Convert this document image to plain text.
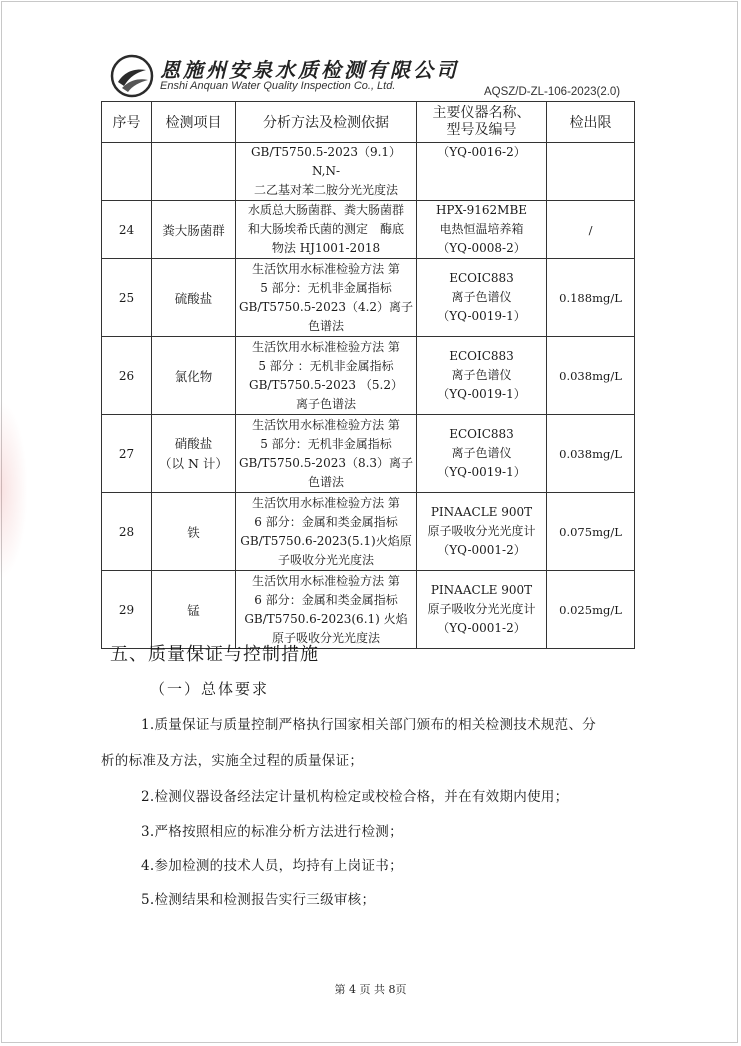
恩施州安泉水质检测有限公司
Enshi Anquan Water Quality Inspection Co., Ltd.	AQSZ/D-ZL-106-2023(2.0)
序号	检测项目	分析方法及检测依据	主要仪器名称、
型号及编号	检出限
		GB/T5750.5-2023（9.1）N,N-
二乙基对苯二胺分光光度法	（YQ-0016-2）	
24	粪大肠菌群	水质总大肠菌群、粪大肠菌群
和大肠埃希氏菌的测定　酶底
物法 HJ1001-2018	HPX-9162MBE
电热恒温培养箱
（YQ-0008-2）	/
25	硫酸盐	生活饮用水标准检验方法 第
5 部分：无机非金属指标
GB/T5750.5-2023（4.2）离子
色谱法	ECOIC883
离子色谱仪
（YQ-0019-1）	0.188mg/L
26	氯化物	生活饮用水标准检验方法 第
5 部分 ：无机非金属指标
GB/T5750.5-2023 （5.2）
离子色谱法	ECOIC883
离子色谱仪
（YQ-0019-1）	0.038mg/L
27	硝酸盐
（以 N 计）	生活饮用水标准检验方法 第
5 部分：无机非金属指标
GB/T5750.5-2023（8.3）离子
色谱法	ECOIC883
离子色谱仪
（YQ-0019-1）	0.038mg/L
28	铁	生活饮用水标准检验方法 第
6 部分：金属和类金属指标
GB/T5750.6-2023(5.1)火焰原
子吸收分光光度法	PINAACLE 900T
原子吸收分光光度计
（YQ-0001-2）	0.075mg/L
29	锰	生活饮用水标准检验方法 第
6 部分：金属和类金属指标
GB/T5750.6-2023(6.1) 火焰
原子吸收分光光度法	PINAACLE 900T
原子吸收分光光度计
（YQ-0001-2）	0.025mg/L
五、质量保证与控制措施
（一）总体要求
1.质量保证与质量控制严格执行国家相关部门颁布的相关检测技术规范、分
析的标准及方法，实施全过程的质量保证；
2.检测仪器设备经法定计量机构检定或校检合格，并在有效期内使用；
3.严格按照相应的标准分析方法进行检测；
4.参加检测的技术人员，均持有上岗证书；
5.检测结果和检测报告实行三级审核；
第 4 页 共 8页
